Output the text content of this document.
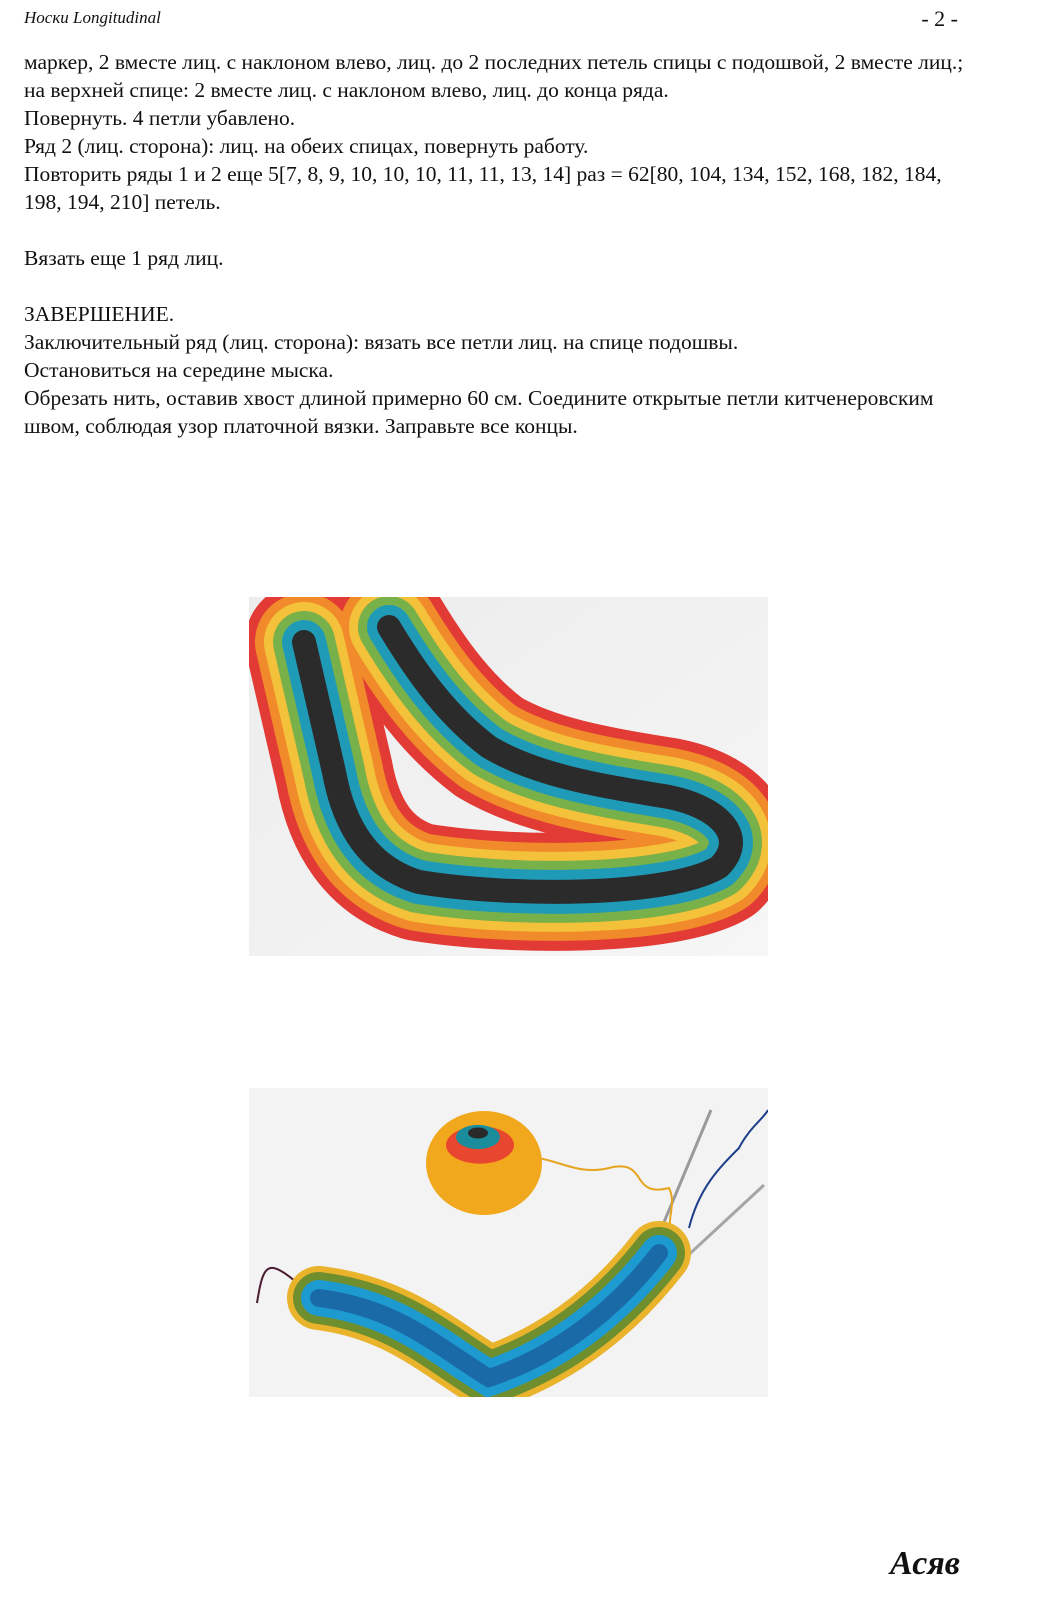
Носки Longitudinal	- 2 -

маркер, 2 вместе лиц. с наклоном влево, лиц. до 2 последних петель спицы с подошвой, 2 вместе лиц.; на верхней спице: 2 вместе лиц. с наклоном влево, лиц. до конца ряда.

Повернуть. 4 петли убавлено.

Ряд 2 (лиц. сторона): лиц. на обеих спицах, повернуть работу.

Повторить ряды 1 и 2 еще 5[7, 8, 9, 10, 10, 10, 11, 11, 13, 14] раз = 62[80, 104, 134, 152, 168, 182, 184, 198, 194, 210] петель.

Вязать еще 1 ряд лиц.

ЗАВЕРШЕНИЕ.

Заключительный ряд (лиц. сторона): вязать все петли лиц. на спице подошвы.

Остановиться на середине мыска.

Обрезать нить, оставив хвост длиной примерно 60 см. Соедините открытые петли китченеровским швом, соблюдая узор платочной вязки. Заправьте все концы.

Асяв
